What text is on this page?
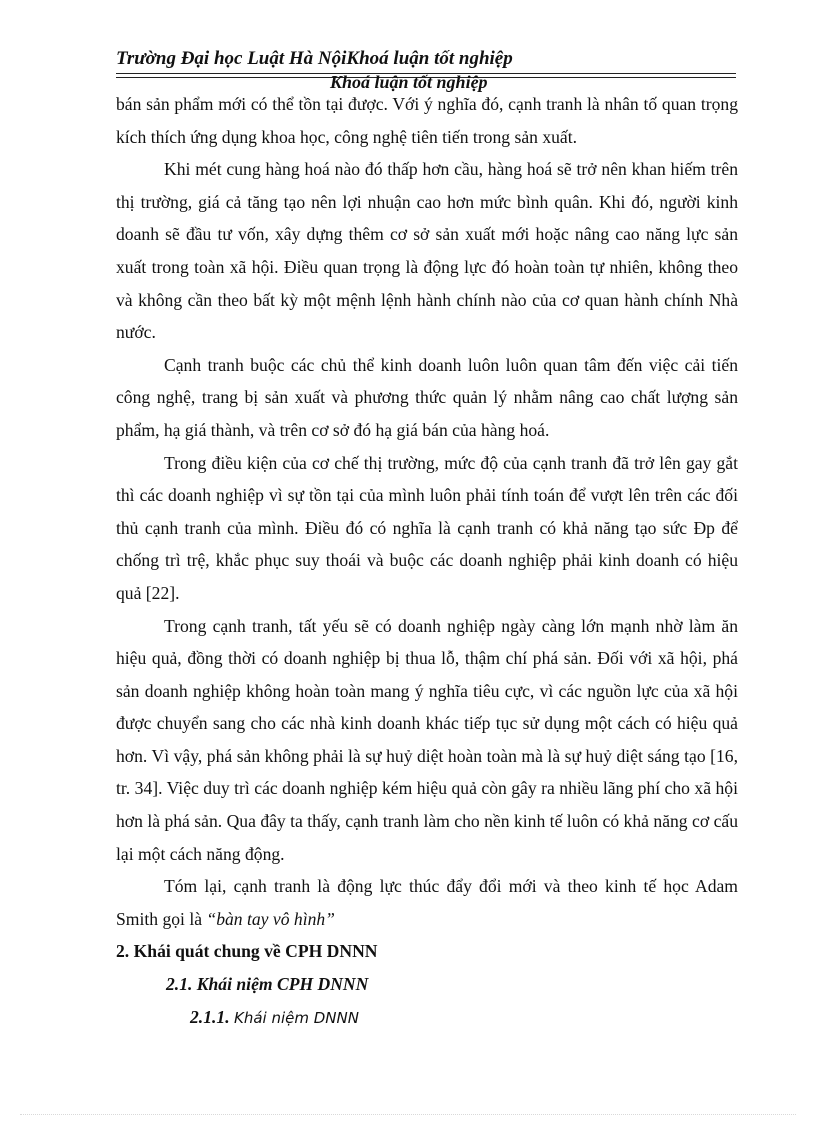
Trường Đại học Luật Hà NộiKhoá luận tốt nghiệp
Khoá luận tốt nghiệp

bán sản phẩm mới có thể tồn tại được. Với ý nghĩa đó, cạnh tranh là nhân tố quan trọng kích thích ứng dụng khoa học, công nghệ tiên tiến trong sản xuất.

Khi mét cung hàng hoá nào đó thấp hơn cầu, hàng hoá sẽ trở nên khan hiếm trên thị trường, giá cả tăng tạo nên lợi nhuận cao hơn mức bình quân. Khi đó, người kinh doanh sẽ đầu tư vốn, xây dựng thêm cơ sở sản xuất mới hoặc nâng cao năng lực sản xuất trong toàn xã hội. Điều quan trọng là động lực đó hoàn toàn tự nhiên, không theo và không cần theo bất kỳ một mệnh lệnh hành chính nào của cơ quan hành chính Nhà nước.

Cạnh tranh buộc các chủ thể kinh doanh luôn luôn quan tâm đến việc cải tiến công nghệ, trang bị sản xuất và phương thức quản lý nhằm nâng cao chất lượng sản phẩm, hạ giá thành, và trên cơ sở đó hạ giá bán của hàng hoá.

Trong điều kiện của cơ chế thị trường, mức độ của cạnh tranh đã trở lên gay gắt thì các doanh nghiệp vì sự tồn tại của mình luôn phải tính toán để vượt lên trên các đối thủ cạnh tranh của mình. Điều đó có nghĩa là cạnh tranh có khả năng tạo sức Đp để chống trì trệ, khắc phục suy thoái và buộc các doanh nghiệp phải kinh doanh có hiệu quả [22].

Trong cạnh tranh, tất yếu sẽ có doanh nghiệp ngày càng lớn mạnh nhờ làm ăn hiệu quả, đồng thời có doanh nghiệp bị thua lỗ, thậm chí phá sản. Đối với xã hội, phá sản doanh nghiệp không hoàn toàn mang ý nghĩa tiêu cực, vì các nguồn lực của xã hội được chuyển sang cho các nhà kinh doanh khác tiếp tục sử dụng một cách có hiệu quả hơn. Vì vậy, phá sản không phải là sự huỷ diệt hoàn toàn mà là sự huỷ diệt sáng tạo [16, tr. 34]. Việc duy trì các doanh nghiệp kém hiệu quả còn gây ra nhiều lãng phí cho xã hội hơn là phá sản. Qua đây ta thấy, cạnh tranh làm cho nền kinh tế luôn có khả năng cơ cấu lại một cách năng động.

Tóm lại, cạnh tranh là động lực thúc đẩy đổi mới và theo kinh tế học Adam Smith gọi là “bàn tay vô hình”

2. Khái quát chung về CPH DNNN

2.1. Khái niệm CPH DNNN

2.1.1. Khái niệm DNNN
